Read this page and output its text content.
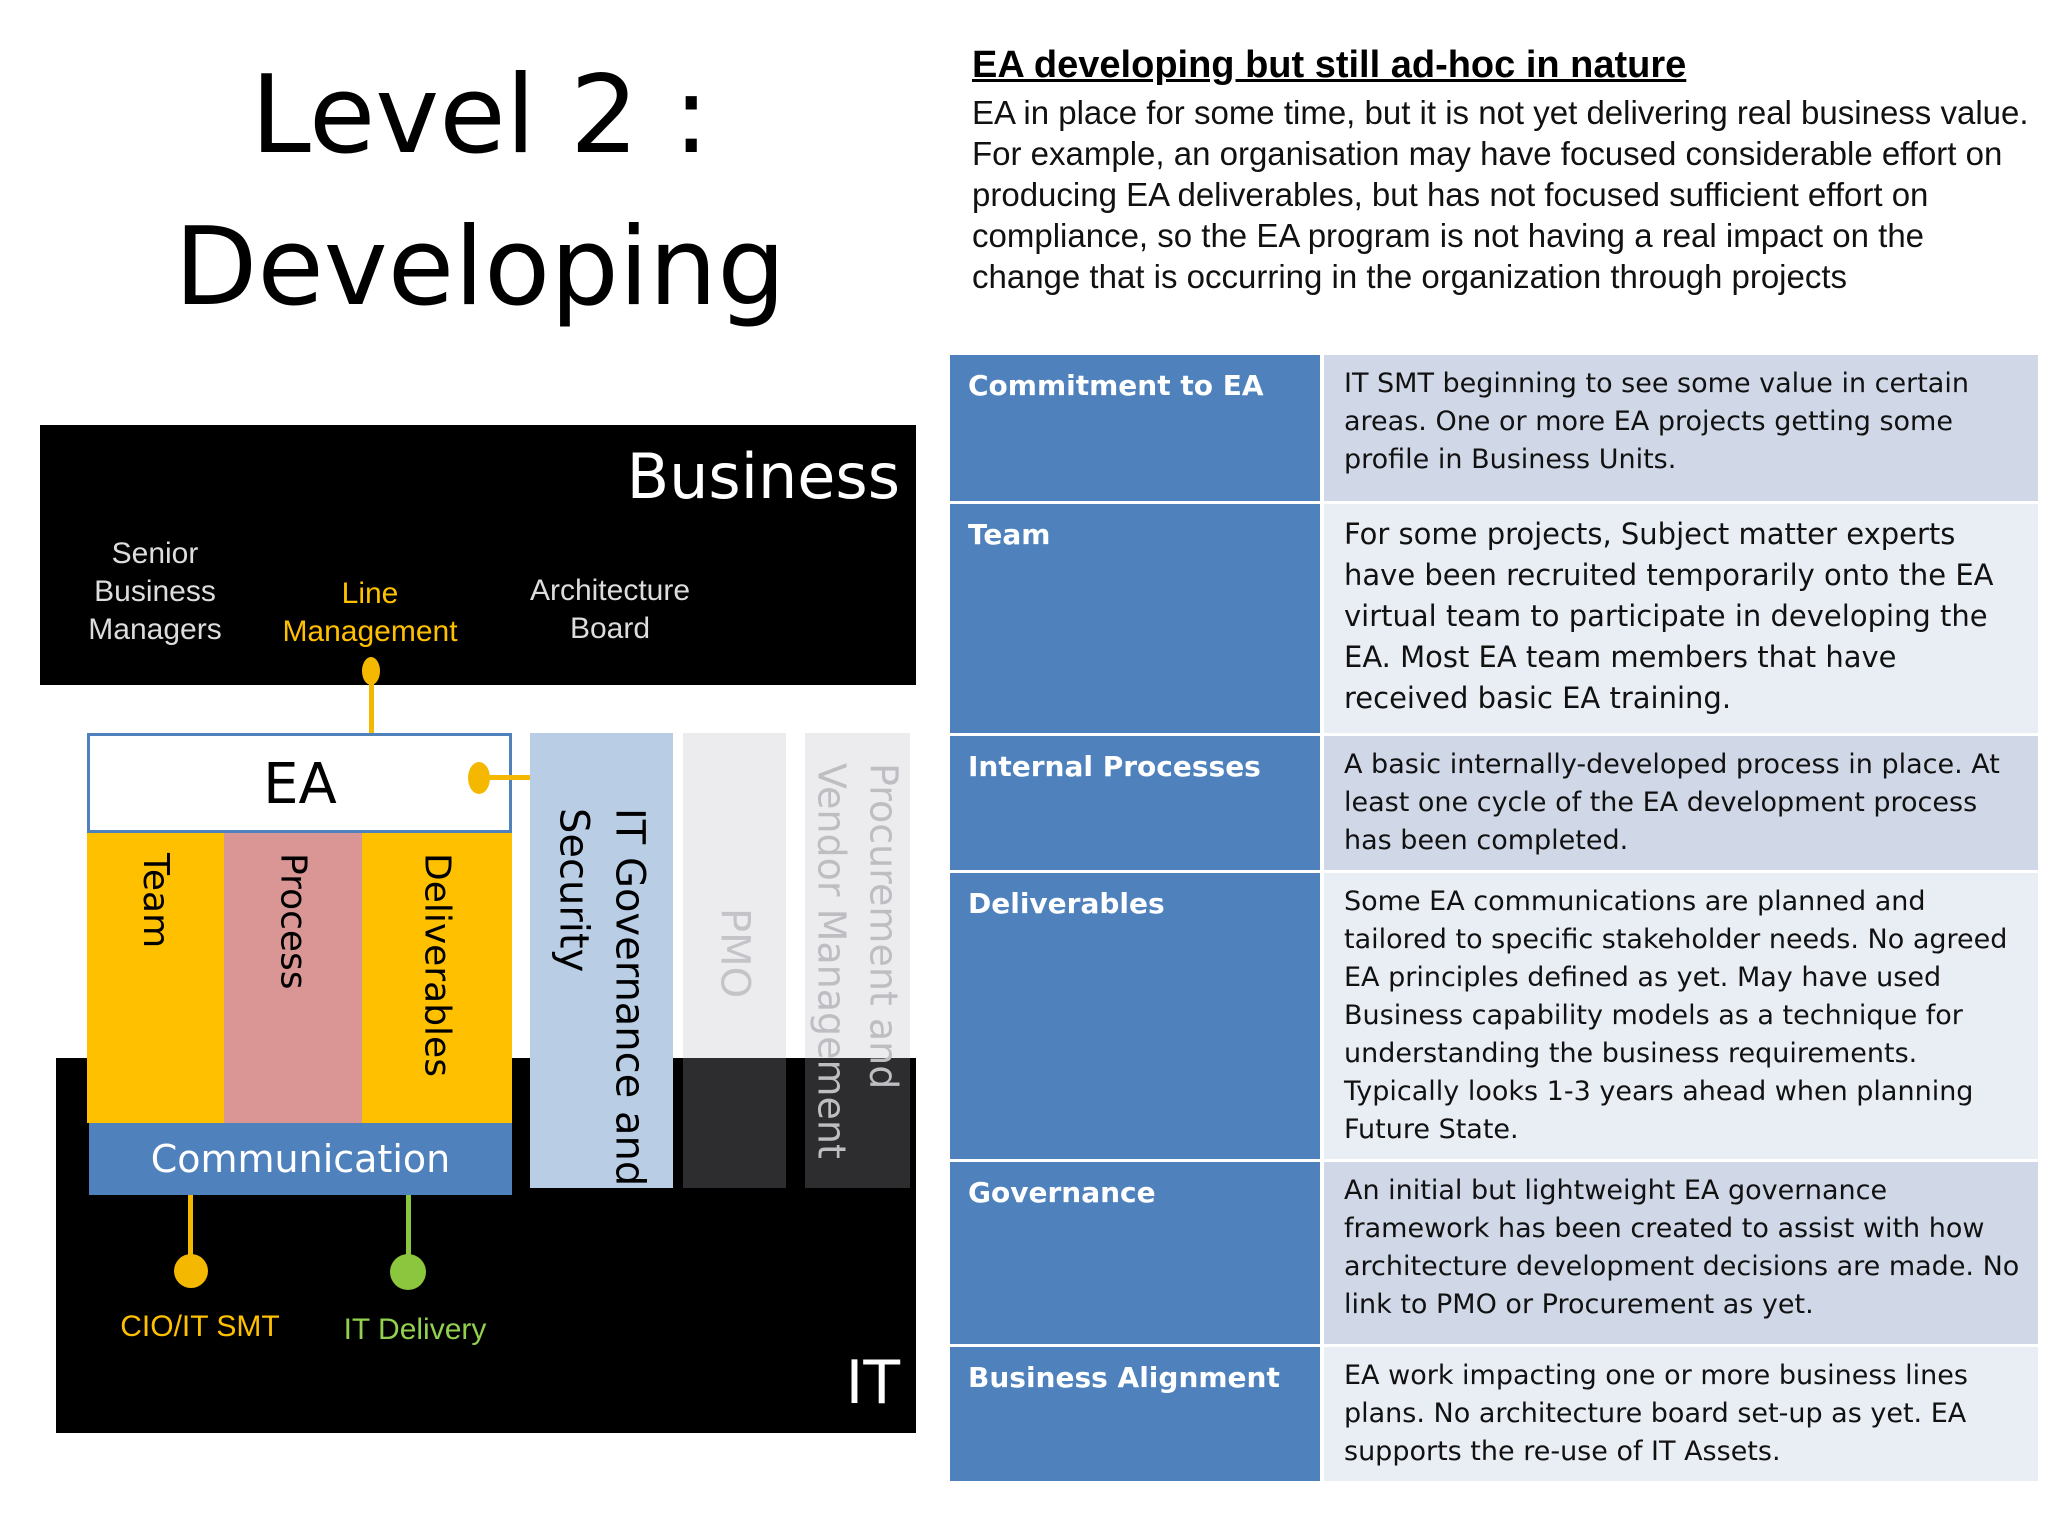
Level 2 :
Developing
EA developing but still ad-hoc in nature
EA in place for some time, but it is not yet delivering real business value. For example, an organisation may have focused considerable effort on producing EA deliverables, but has not focused sufficient effort on compliance, so the EA program is not having a real impact on the change that is occurring in the organization through projects
Business
Senior Business Managers
Line Management
Architecture Board
IT
EA
Team	Process	Deliverables
Communication
CIO/IT SMT	IT Delivery
IT Governance and Security	PMO	Procurement and Vendor Management
Commitment to EA	IT SMT beginning to see some value in certain areas. One or more EA projects getting some profile in Business Units.
Team	For some projects, Subject matter experts have been recruited temporarily onto the EA virtual team to participate in developing the EA. Most EA team members that have received basic EA training.
Internal Processes	A basic internally-developed process in place. At least one cycle of the EA development process has been completed.
Deliverables	Some EA communications are planned and tailored to specific stakeholder needs. No agreed EA principles defined as yet. May have used Business capability models as a technique for understanding the business requirements. Typically looks 1-3 years ahead when planning Future State.
Governance	An initial but lightweight EA governance framework has been created to assist with how architecture development decisions are made. No link to PMO or Procurement as yet.
Business Alignment	EA work impacting one or more business lines plans. No architecture board set-up as yet. EA supports the re-use of IT Assets.
